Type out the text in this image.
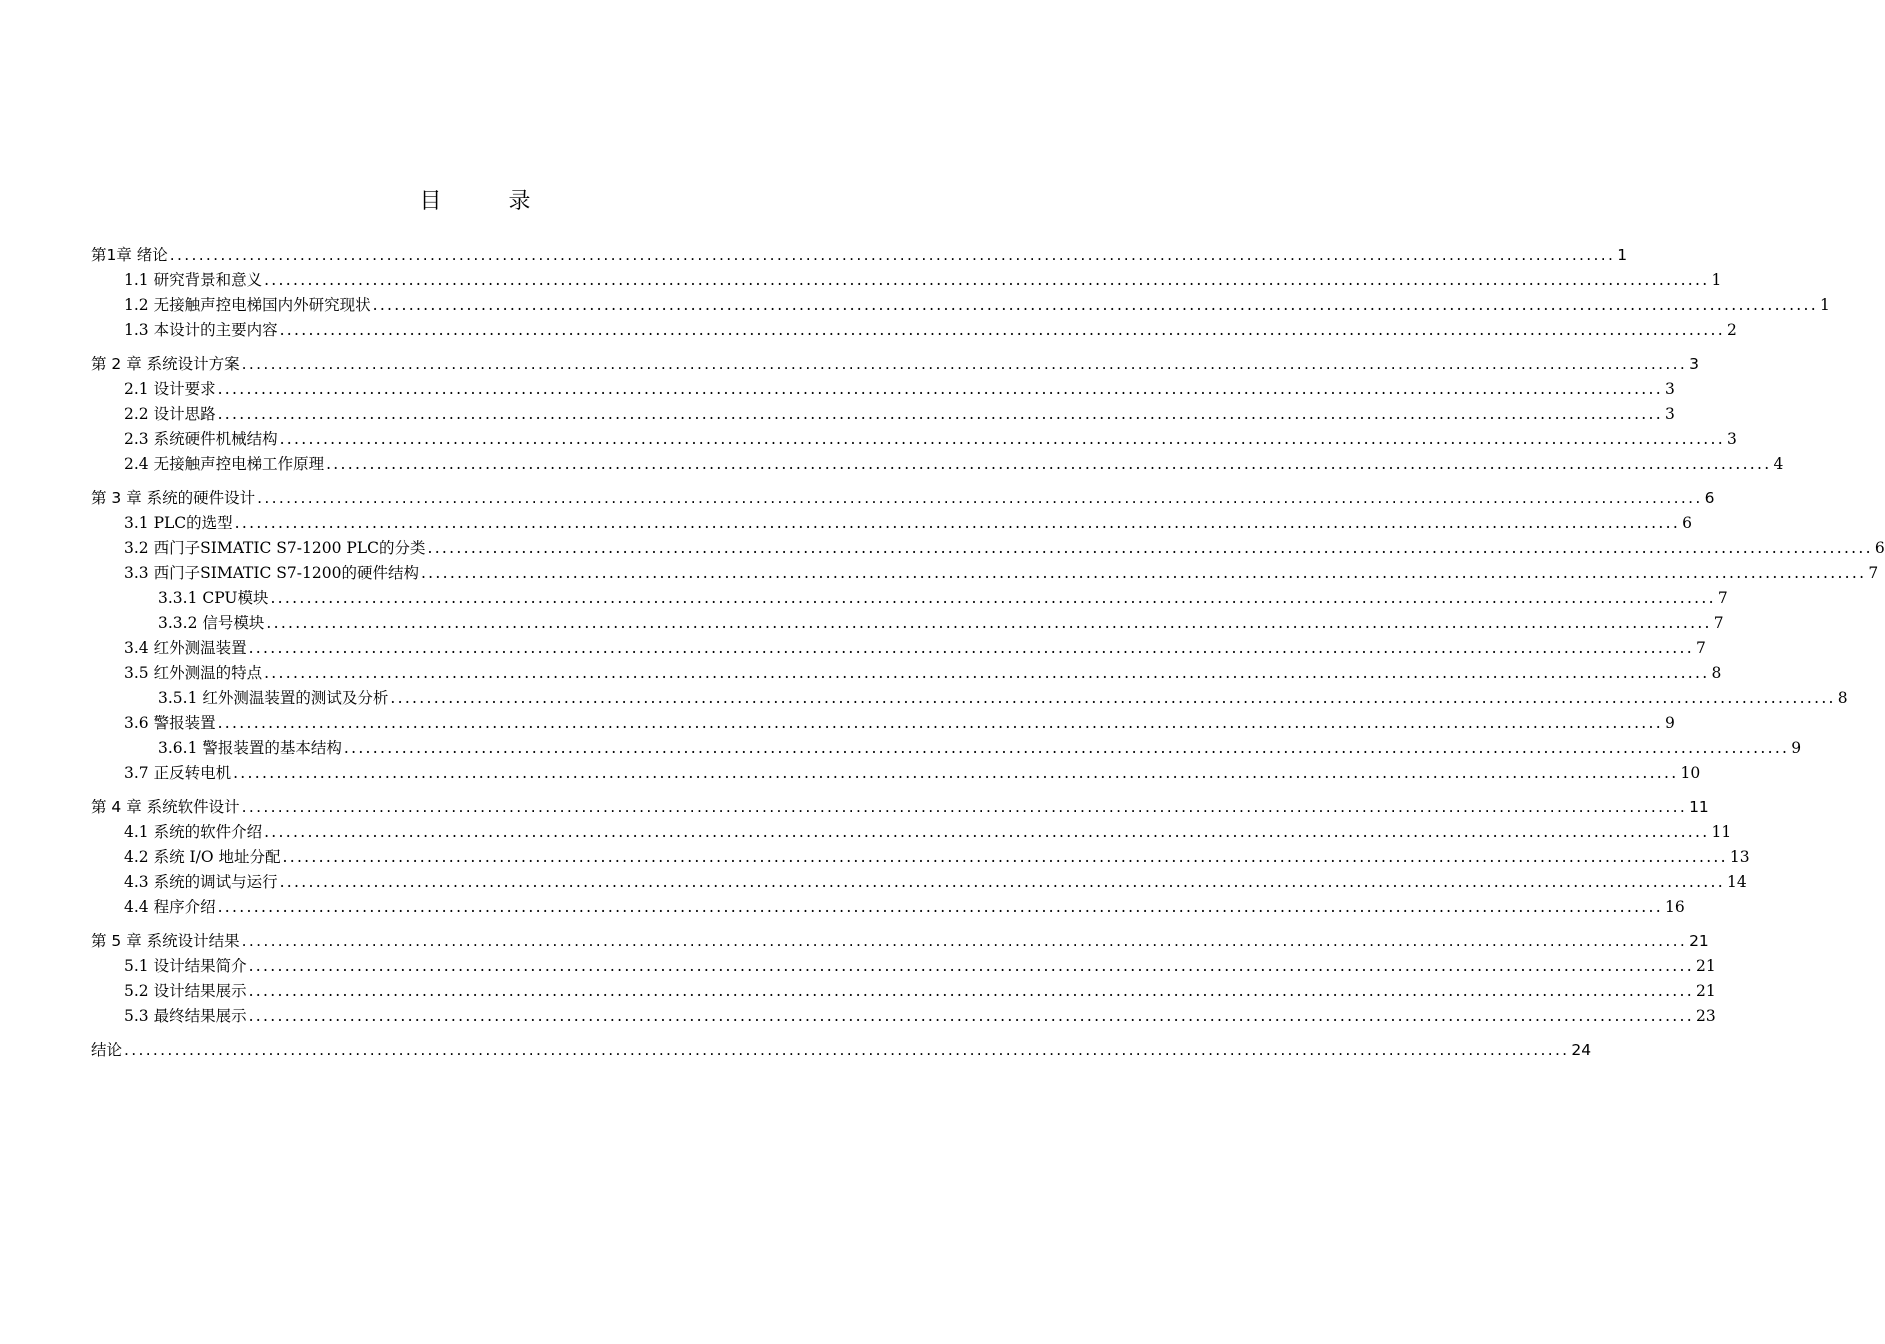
目 录
第1章 绪论 ........................................................................................................................................................................................................ 1
1.1 研究背景和意义 ........................................................................................................................................................................................................ 1
1.2 无接触声控电梯国内外研究现状 ........................................................................................................................................................................................................ 1
1.3 本设计的主要内容 ........................................................................................................................................................................................................ 2
第 2 章 系统设计方案 ........................................................................................................................................................................................................ 3
2.1 设计要求 ........................................................................................................................................................................................................ 3
2.2 设计思路 ........................................................................................................................................................................................................ 3
2.3 系统硬件机械结构 ........................................................................................................................................................................................................ 3
2.4 无接触声控电梯工作原理 ........................................................................................................................................................................................................ 4
第 3 章 系统的硬件设计 ........................................................................................................................................................................................................ 6
3.1 PLC的选型 ........................................................................................................................................................................................................ 6
3.2 西门子SIMATIC S7-1200 PLC的分类 ........................................................................................................................................................................................................ 6
3.3 西门子SIMATIC S7-1200的硬件结构 ........................................................................................................................................................................................................ 7
3.3.1 CPU模块 ........................................................................................................................................................................................................ 7
3.3.2 信号模块 ........................................................................................................................................................................................................ 7
3.4 红外测温装置 ........................................................................................................................................................................................................ 7
3.5 红外测温的特点 ........................................................................................................................................................................................................ 8
3.5.1 红外测温装置的测试及分析 ........................................................................................................................................................................................................ 8
3.6 警报装置 ........................................................................................................................................................................................................ 9
3.6.1 警报装置的基本结构 ........................................................................................................................................................................................................ 9
3.7 正反转电机 ........................................................................................................................................................................................................ 10
第 4 章 系统软件设计 ........................................................................................................................................................................................................ 11
4.1 系统的软件介绍 ........................................................................................................................................................................................................ 11
4.2 系统 I/O 地址分配 ........................................................................................................................................................................................................ 13
4.3 系统的调试与运行 ........................................................................................................................................................................................................ 14
4.4 程序介绍 ........................................................................................................................................................................................................ 16
第 5 章 系统设计结果 ........................................................................................................................................................................................................ 21
5.1 设计结果简介 ........................................................................................................................................................................................................ 21
5.2 设计结果展示 ........................................................................................................................................................................................................ 21
5.3 最终结果展示 ........................................................................................................................................................................................................ 23
结论 ........................................................................................................................................................................................................ 24
